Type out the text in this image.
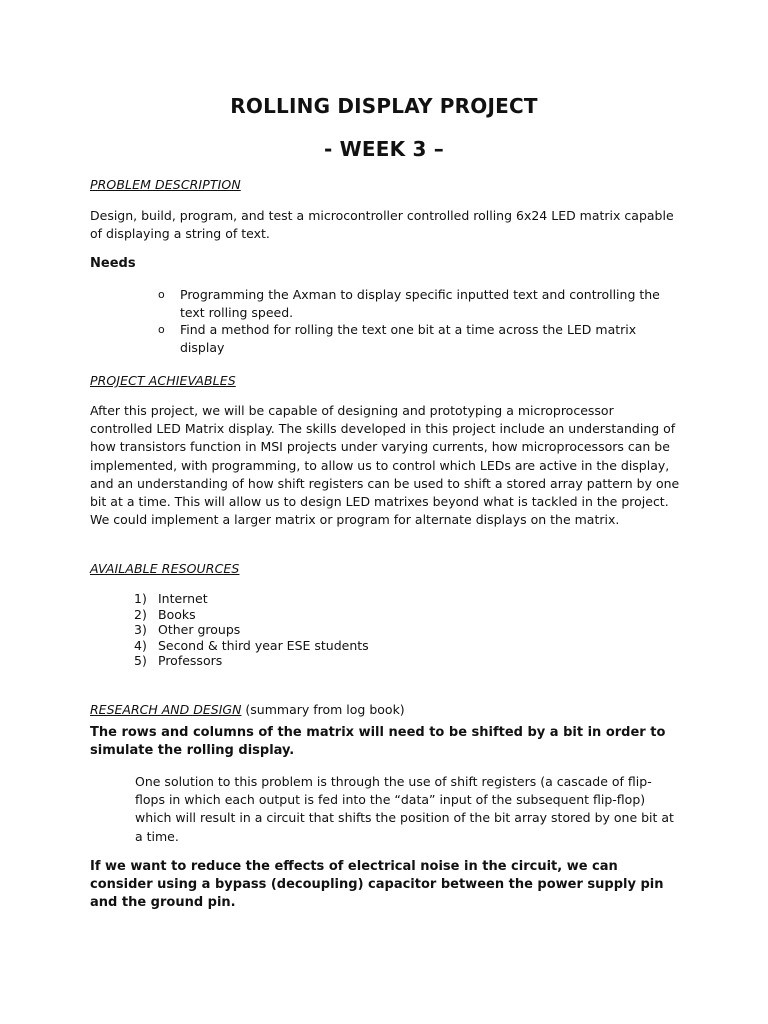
ROLLING DISPLAY PROJECT
- WEEK 3 –

PROBLEM DESCRIPTION

Design, build, program, and test a microcontroller controlled rolling 6x24 LED matrix capable of displaying a string of text.

Needs

o Programming the Axman to display specific inputted text and controlling the text rolling speed.
o Find a method for rolling the text one bit at a time across the LED matrix display

PROJECT ACHIEVABLES

After this project, we will be capable of designing and prototyping a microprocessor controlled LED Matrix display. The skills developed in this project include an understanding of how transistors function in MSI projects under varying currents, how microprocessors can be implemented, with programming, to allow us to control which LEDs are active in the display, and an understanding of how shift registers can be used to shift a stored array pattern by one bit at a time. This will allow us to design LED matrixes beyond what is tackled in the project. We could implement a larger matrix or program for alternate displays on the matrix.

AVAILABLE RESOURCES

1) Internet
2) Books
3) Other groups
4) Second & third year ESE students
5) Professors

RESEARCH AND DESIGN (summary from log book)

The rows and columns of the matrix will need to be shifted by a bit in order to simulate the rolling display.

One solution to this problem is through the use of shift registers (a cascade of flip-flops in which each output is fed into the “data” input of the subsequent flip-flop) which will result in a circuit that shifts the position of the bit array stored by one bit at a time.

If we want to reduce the effects of electrical noise in the circuit, we can consider using a bypass (decoupling) capacitor between the power supply pin and the ground pin.
